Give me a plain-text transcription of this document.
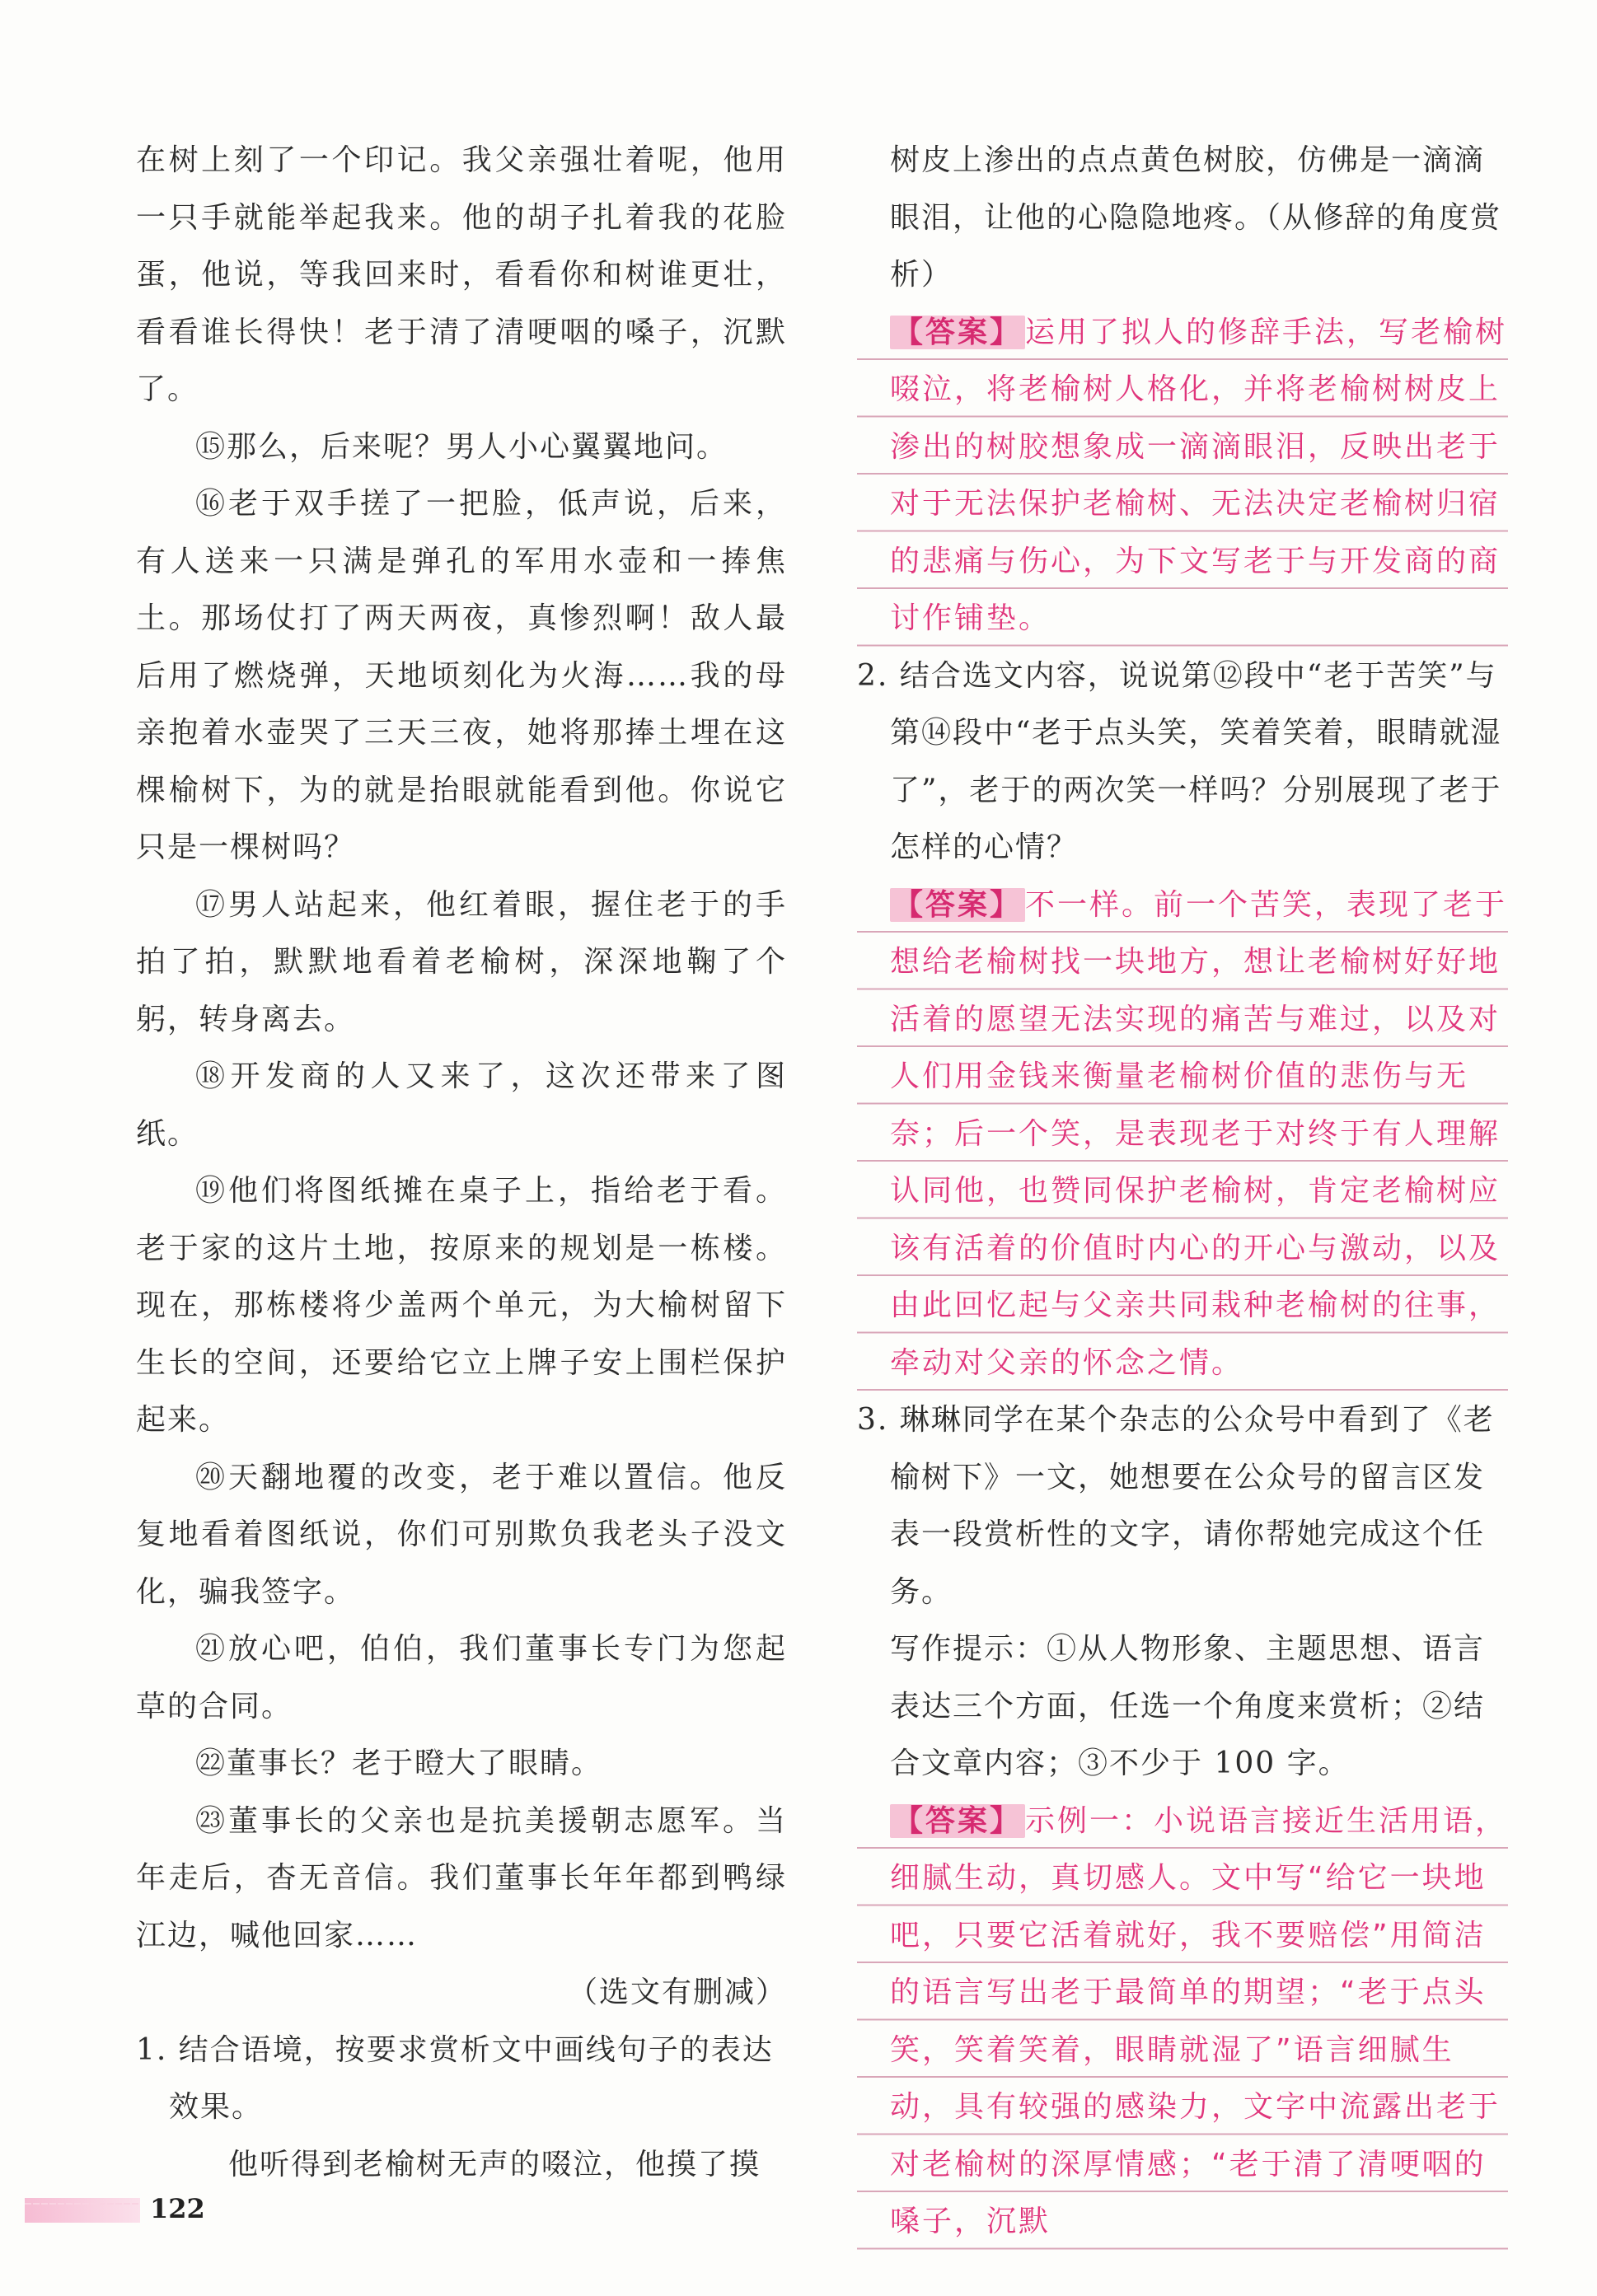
在树上刻了一个印记。我父亲强壮着呢，他用一只手就能举起我来。他的胡子扎着我的花脸蛋，他说，等我回来时，看看你和树谁更壮，看看谁长得快！老于清了清哽咽的嗓子，沉默了。

⑮那么，后来呢？男人小心翼翼地问。

⑯老于双手搓了一把脸，低声说，后来，有人送来一只满是弹孔的军用水壶和一捧焦土。那场仗打了两天两夜，真惨烈啊！敌人最后用了燃烧弹，天地顷刻化为火海……我的母亲抱着水壶哭了三天三夜，她将那捧土埋在这棵榆树下，为的就是抬眼就能看到他。你说它只是一棵树吗？

⑰男人站起来，他红着眼，握住老于的手拍了拍，默默地看着老榆树，深深地鞠了个躬，转身离去。

⑱开发商的人又来了，这次还带来了图纸。

⑲他们将图纸摊在桌子上，指给老于看。老于家的这片土地，按原来的规划是一栋楼。现在，那栋楼将少盖两个单元，为大榆树留下生长的空间，还要给它立上牌子安上围栏保护起来。

⑳天翻地覆的改变，老于难以置信。他反复地看着图纸说，你们可别欺负我老头子没文化，骗我签字。

㉑放心吧，伯伯，我们董事长专门为您起草的合同。

㉒董事长？老于瞪大了眼睛。

㉓董事长的父亲也是抗美援朝志愿军。当年走后，杳无音信。我们董事长年年都到鸭绿江边，喊他回家……

（选文有删减）

1. 结合语境，按要求赏析文中画线句子的表达效果。

他听得到老榆树无声的啜泣，他摸了摸

树皮上渗出的点点黄色树胶，仿佛是一滴滴眼泪，让他的心隐隐地疼。（从修辞的角度赏析）

【答案】 运用了拟人的修辞手法，写老榆树啜泣，将老榆树人格化，并将老榆树树皮上渗出的树胶想象成一滴滴眼泪，反映出老于对于无法保护老榆树、无法决定老榆树归宿的悲痛与伤心，为下文写老于与开发商的商讨作铺垫。

2. 结合选文内容，说说第⑫段中“老于苦笑”与第⑭段中“老于点头笑，笑着笑着，眼睛就湿了”，老于的两次笑一样吗？分别展现了老于怎样的心情？

【答案】 不一样。前一个苦笑，表现了老于想给老榆树找一块地方，想让老榆树好好地活着的愿望无法实现的痛苦与难过，以及对人们用金钱来衡量老榆树价值的悲伤与无奈；后一个笑，是表现老于对终于有人理解认同他，也赞同保护老榆树，肯定老榆树应该有活着的价值时内心的开心与激动，以及由此回忆起与父亲共同栽种老榆树的往事，牵动对父亲的怀念之情。

3. 琳琳同学在某个杂志的公众号中看到了《老榆树下》一文，她想要在公众号的留言区发表一段赏析性的文字，请你帮她完成这个任务。

写作提示：①从人物形象、主题思想、语言表达三个方面，任选一个角度来赏析；②结合文章内容；③不少于 100 字。

【答案】 示例一：小说语言接近生活用语，细腻生动，真切感人。文中写“给它一块地吧，只要它活着就好，我不要赔偿”用简洁的语言写出老于最简单的期望；“老于点头笑，笑着笑着，眼睛就湿了”语言细腻生动，具有较强的感染力，文字中流露出老于对老榆树的深厚情感；“老于清了清哽咽的嗓子，沉默

122
